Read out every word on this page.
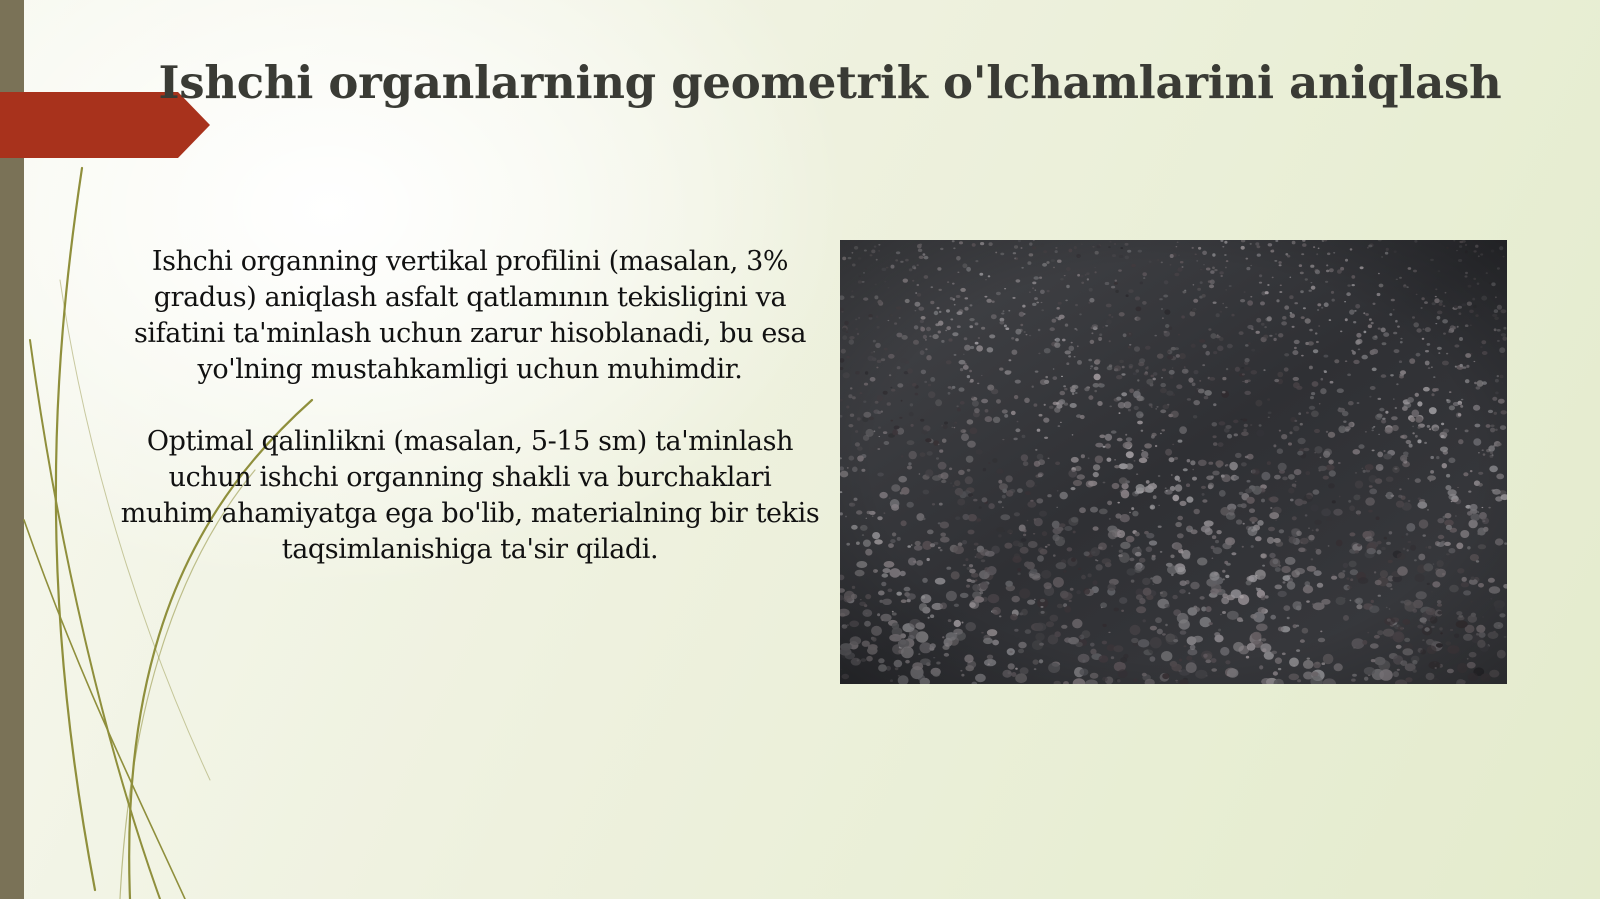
Ishchi organlarning geometrik o'lchamlarini aniqlash

Ishchi organning vertikal profilini (masalan, 3% gradus) aniqlash asfalt qatlamının tekisligini va sifatini ta'minlash uchun zarur hisoblanadi, bu esa yo'lning mustahkamligi uchun muhimdir.

Optimal qalinlikni (masalan, 5-15 sm) ta'minlash uchun ishchi organning shakli va burchaklari muhim ahamiyatga ega bo'lib, materialning bir tekis taqsimlanishiga ta'sir qiladi.
